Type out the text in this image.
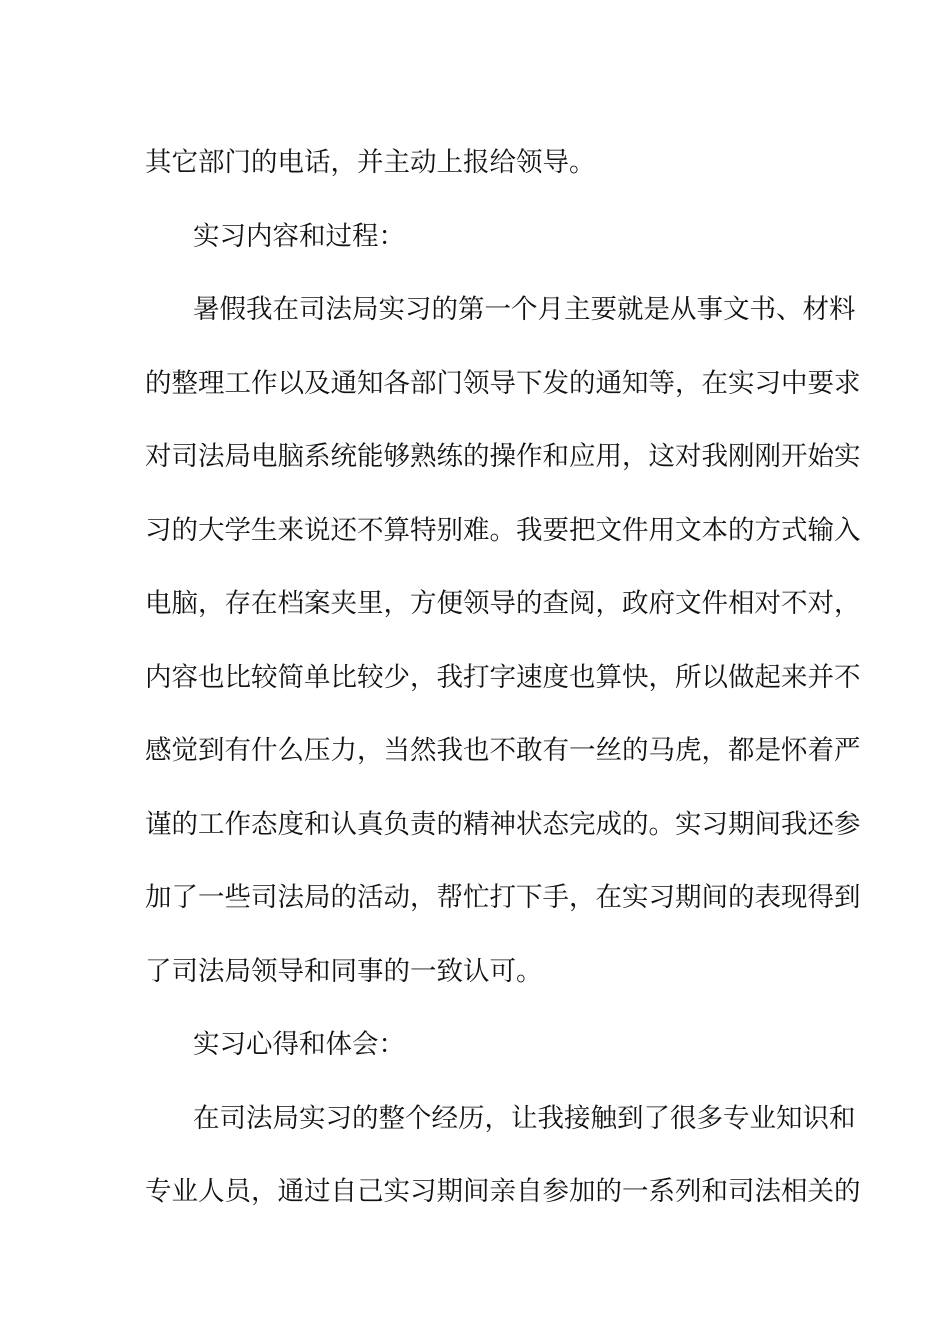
其它部门的电话，并主动上报给领导。
实习内容和过程：
暑假我在司法局实习的第一个月主要就是从事文书、材料
的整理工作以及通知各部门领导下发的通知等，在实习中要求
对司法局电脑系统能够熟练的操作和应用，这对我刚刚开始实
习的大学生来说还不算特别难。我要把文件用文本的方式输入
电脑，存在档案夹里，方便领导的查阅，政府文件相对不对，
内容也比较简单比较少，我打字速度也算快，所以做起来并不
感觉到有什么压力，当然我也不敢有一丝的马虎，都是怀着严
谨的工作态度和认真负责的精神状态完成的。实习期间我还参
加了一些司法局的活动，帮忙打下手，在实习期间的表现得到
了司法局领导和同事的一致认可。
实习心得和体会：
在司法局实习的整个经历，让我接触到了很多专业知识和
专业人员，通过自己实习期间亲自参加的一系列和司法相关的
